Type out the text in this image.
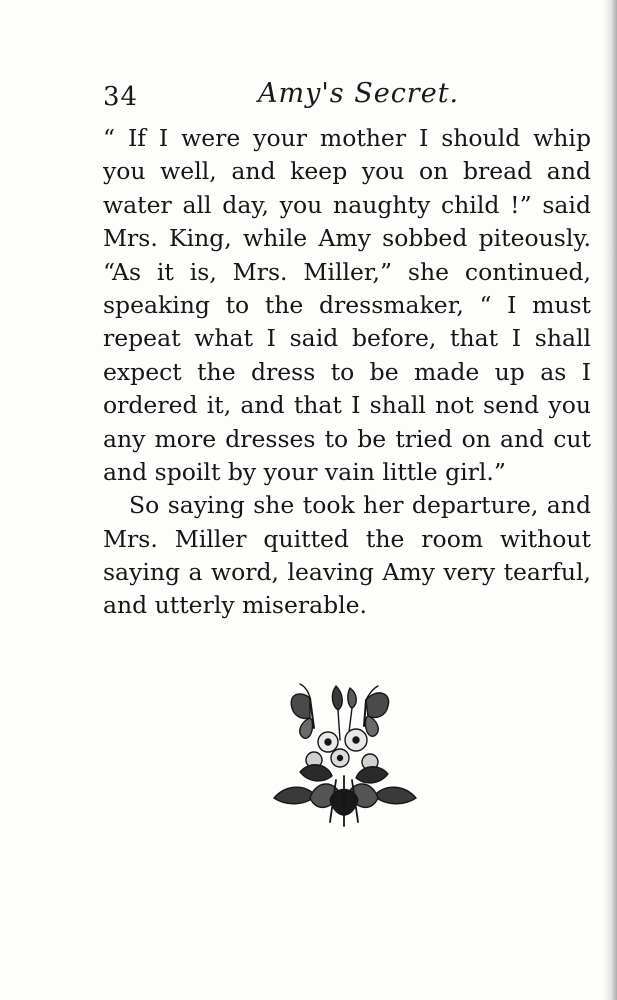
34	Amy's Secret.
“ If I were your mother I should whip
you well, and keep you on bread and
water all day, you naughty child !” said
Mrs. King, while Amy sobbed piteously.
“As it is, Mrs. Miller,” she continued,
speaking to the dressmaker, “ I must
repeat what I said before, that I shall
expect the dress to be made up as I
ordered it, and that I shall not send you
any more dresses to be tried on and cut
and spoilt by your vain little girl.”
So saying she took her departure, and
Mrs. Miller quitted the room without
saying a word, leaving Amy very tearful,
and utterly miserable.
